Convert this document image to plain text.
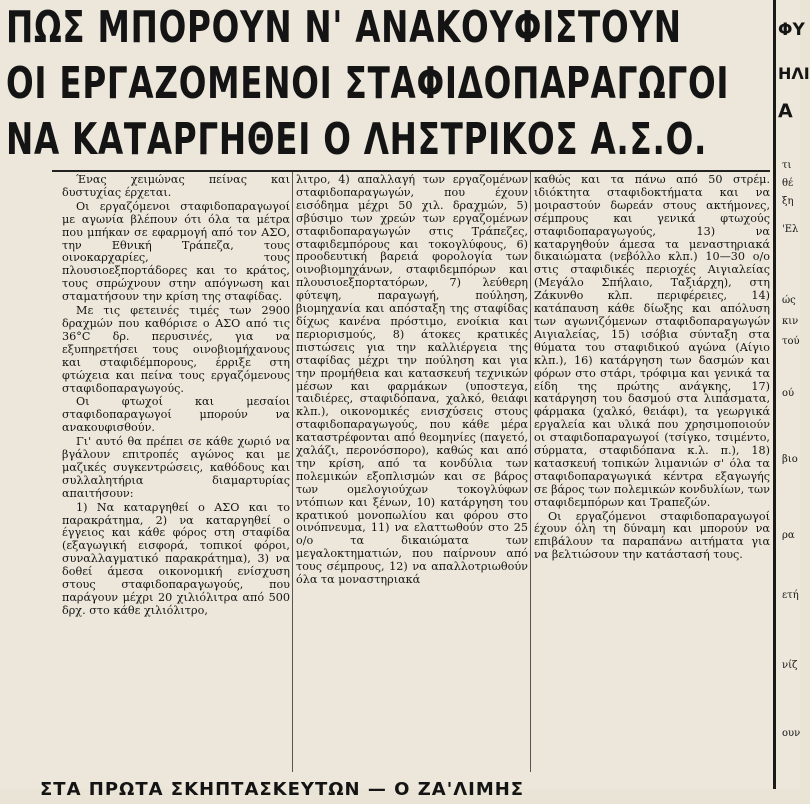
ΠΩΣ ΜΠΟΡΟΥΝ Ν' ΑΝΑΚΟΥΦΙΣΤΟΥΝ
ΟΙ ΕΡΓΑΖΟΜΕΝΟΙ ΣΤΑΦΙΔΟΠΑΡΑΓΩΓΟΙ
ΝΑ ΚΑΤΑΡΓΗΘΕΙ Ο ΛΗΣΤΡΙΚΟΣ Α.Σ.Ο.

Ένας χειμώνας πείνας και δυστυχίας έρχεται.

Οι εργαζόμενοι σταφιδοπαραγωγοί με αγωνία βλέπουν ότι όλα τα μέτρα που μπήκαν σε εφαρμογή από τον ΑΣΟ, την Εθνική Τράπεζα, τους οινοκαρχαρίες, τους πλουσιοεξπορτάδορες και το κράτος, τους σπρώχνουν στην απόγνωση και σταματήσουν την κρίση της σταφίδας.

Με τις φετεινές τιμές των 2900 δραχμών που καθόρισε ο ΑΣΟ από τις 36°C δρ. περυσινές, για να εξυπηρετήσει τους οινοβιομήχανους και σταφιδέμπορους, έρριξε στη φτώχεια και πείνα τους εργαζόμενους σταφιδοπαραγωγούς.

Οι φτωχοί και μεσαίοι σταφιδοπαραγωγοί μπορούν να ανακουφισθούν.

Γι' αυτό θα πρέπει σε κάθε χωριό να βγάλουν επιτροπές αγώνος και με μαζικές συγκεντρώσεις, καθόδους και συλλαλητήρια διαμαρτυρίας απαιτήσουν:

1) Να καταργηθεί ο ΑΣΟ και το παρακράτημα, 2) να καταργηθεί ο έγγειος και κάθε φόρος στη σταφίδα (εξαγωγική εισφορά, τοπικοί φόροι, συναλλαγματικό παρακράτημα), 3) να δοθεί άμεσα οικονομική ενίσχυση στους σταφιδοπαραγωγούς, που παράγουν μέχρι 20 χιλιόλιτρα από 500 δρχ. στο κάθε χιλιόλιτρο,

λιτρο, 4) απαλλαγή των εργαζομένων σταφιδοπαραγωγών, που έχουν εισόδημα μέχρι 50 χιλ. δραχμών, 5) σβύσιμο των χρεών των εργαζομένων σταφιδοπαραγωγών στις Τράπεζες, σταφιδεμπόρους και τοκογλύφους, 6) προοδευτική βαρειά φορολογία των οινοβιομηχάνων, σταφιδεμπόρων και πλουσιοεξπορτατόρων, 7) λεύθερη φύτεψη, παραγωγή, πούληση, βιομηχανία και απόσταξη της σταφίδας δίχως κανένα πρόστιμο, ενοίκια και περιορισμούς, 8) άτοκες κρατικές πιστώσεις για την καλλιέργεια της σταφίδας μέχρι την πούληση και για την προμήθεια και κατασκευή τεχνικών μέσων και φαρμάκων (υποστεγα, ταιδιέρες, σταφιδόπανα, χαλκό, θειάφι κλπ.), οικονομικές ενισχύσεις στους σταφιδοπαραγωγούς, που κάθε μέρα καταστρέφονται από θεομηνίες (παγετό, χαλάζι, περονόσπορο), καθώς και από την κρίση, από τα κονδύλια των πολεμικών εξοπλισμών και σε βάρος των ομελογιούχων τοκογλύφων ντόπιων και ξένων, 10) κατάργηση του κρατικού μονοπωλίου και φόρου στο οινόπνευμα, 11) να ελαττωθούν στο 25 ο/ο τα δικαιώματα των μεγαλοκτηματιών, που παίρνουν από τους σέμπρους, 12) να απαλλοτριωθούν όλα τα μοναστηριακά

καθώς και τα πάνω από 50 στρέμ. ιδιόκτητα σταφιδοκτήματα και να μοιραστούν δωρεάν στους ακτήμονες, σέμπρους και γενικά φτωχούς σταφιδοπαραγωγούς, 13) να καταργηθούν άμεσα τα μεναστηριακά δικαιώματα (νεβόλλο κλπ.) 10—30 ο/ο στις σταφιδικές περιοχές Αιγιαλείας (Μεγάλο Σπήλαιο, Ταξιάρχη), στη Ζάκυνθο κλπ. περιφέρειες, 14) κατάπαυση κάθε δίωξης και απόλυση των αγωνιζόμενων σταφιδοπαραγωγών Αιγιαλείας, 15) ισόβια σύνταξη στα θύματα του σταφιδικού αγώνα (Αίγιο κλπ.), 16) κατάργηση των δασμών και φόρων στο στάρι, τρόφιμα και γενικά τα είδη της πρώτης ανάγκης, 17) κατάργηση του δασμού στα λιπάσματα, φάρμακα (χαλκό, θειάφι), τα γεωργικά εργαλεία και υλικά που χρησιμοποιούν οι σταφιδοπαραγωγοί (τσίγκο, τσιμέντο, σύρματα, σταφιδόπανα κ.λ. π.), 18) κατασκευή τοπικών λιμανιών σ' όλα τα σταφιδοπαραγωγικά κέντρα εξαγωγής σε βάρος των πολεμικών κονδυλίων, των σταφιδεμπόρων και Τραπεζών.

Οι εργαζόμενοι σταφιδοπαραγωγοί έχουν όλη τη δύναμη και μπορούν να επιβάλουν τα παραπάνω αιτήματα για να βελτιώσουν την κατάστασή τους.

ΦΥ
ΗΛΙ
Α
τι
θέ
ξη
'Ελ
ώς
κιν
τού
ού
βιο
ρα
ετή
νίζ
ουν
ΣΤΑ ΠΡΩΤΑ ΣΚΗΠΤΑΣΚΕΥΤΩΝ — Ο ΖΑ'ΛΙΜΗΣ
